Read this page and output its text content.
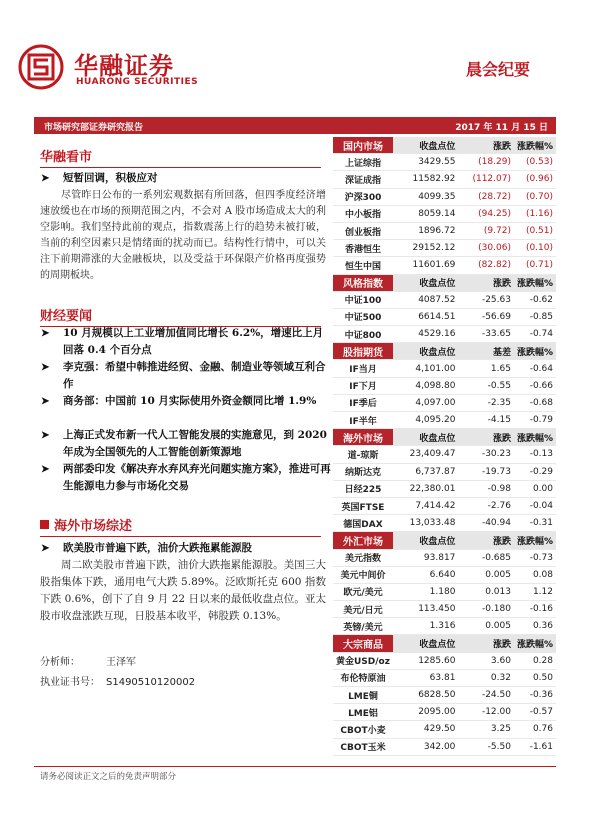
华融证券
HUARONG SECURITIES
晨会纪要
市场研究部证券研究报告	2017 年 11 月 15 日
华融看市
➤ 短暂回调，积极应对
尽管昨日公布的一系列宏观数据有所回落，但四季度经济增速放缓也在市场的预期范围之内，不会对 A 股市场造成太大的利空影响。我们坚持此前的观点，指数震荡上行的趋势未被打破，当前的利空因素只是情绪面的扰动而已。结构性行情中，可以关注下前期滞涨的大金融板块，以及受益于环保限产价格再度强势的周期板块。
财经要闻
➤ 10 月规模以上工业增加值同比增长 6.2%，增速比上月回落 0.4 个百分点
➤ 李克强：希望中韩推进经贸、金融、制造业等领域互利合作
➤ 商务部：中国前 10 月实际使用外资金额同比增 1.9%
➤ 上海正式发布新一代人工智能发展的实施意见，到 2020 年成为全国领先的人工智能创新策源地
➤ 两部委印发《解决弃水弃风弃光问题实施方案》，推进可再生能源电力参与市场化交易
海外市场综述
➤ 欧美股市普遍下跌，油价大跌拖累能源股
周二欧美股市普遍下跌，油价大跌拖累能源股。美国三大股指集体下跌，通用电气大跌 5.89%。泛欧斯托克 600 指数下跌 0.6%，创下了自 9 月 22 日以来的最低收盘点位。亚太股市收盘涨跌互现，日股基本收平，韩股跌 0.13%。
分析师：	王泽军
执业证书号： S1490510120002
请务必阅读正文之后的免责声明部分
国内市场	收盘点位	涨跌	涨跌幅%
上证综指	3429.55	(18.29)	(0.53)
深证成指	11582.92	(112.07)	(0.96)
沪深300	4099.35	(28.72)	(0.70)
中小板指	8059.14	(94.25)	(1.16)
创业板指	1896.72	(9.72)	(0.51)
香港恒生	29152.12	(30.06)	(0.10)
恒生中国	11601.69	(82.82)	(0.71)
风格指数	收盘点位	涨跌	涨跌幅%
中证100	4087.52	-25.63	-0.62
中证500	6614.51	-56.69	-0.85
中证800	4529.16	-33.65	-0.74
股指期货	收盘点位	基差	涨跌幅%
IF当月	4,101.00	1.65	-0.64
IF下月	4,098.80	-0.55	-0.66
IF季后	4,097.00	-2.35	-0.68
IF半年	4,095.20	-4.15	-0.79
海外市场	收盘点位	涨跌	涨跌幅%
道-琼斯	23,409.47	-30.23	-0.13
纳斯达克	6,737.87	-19.73	-0.29
日经225	22,380.01	-0.98	0.00
英国FTSE	7,414.42	-2.76	-0.04
德国DAX	13,033.48	-40.94	-0.31
外汇市场	收盘点位	涨跌	涨跌幅%
美元指数	93.817	-0.685	-0.73
美元中间价	6.640	0.005	0.08
欧元/美元	1.180	0.013	1.12
美元/日元	113.450	-0.180	-0.16
英镑/美元	1.316	0.005	0.36
大宗商品	收盘点位	涨跌	涨跌幅%
黄金USD/oz	1285.60	3.60	0.28
布伦特原油	63.81	0.32	0.50
LME铜	6828.50	-24.50	-0.36
LME铝	2095.00	-12.00	-0.57
CBOT小麦	429.50	3.25	0.76
CBOT玉米	342.00	-5.50	-1.61
